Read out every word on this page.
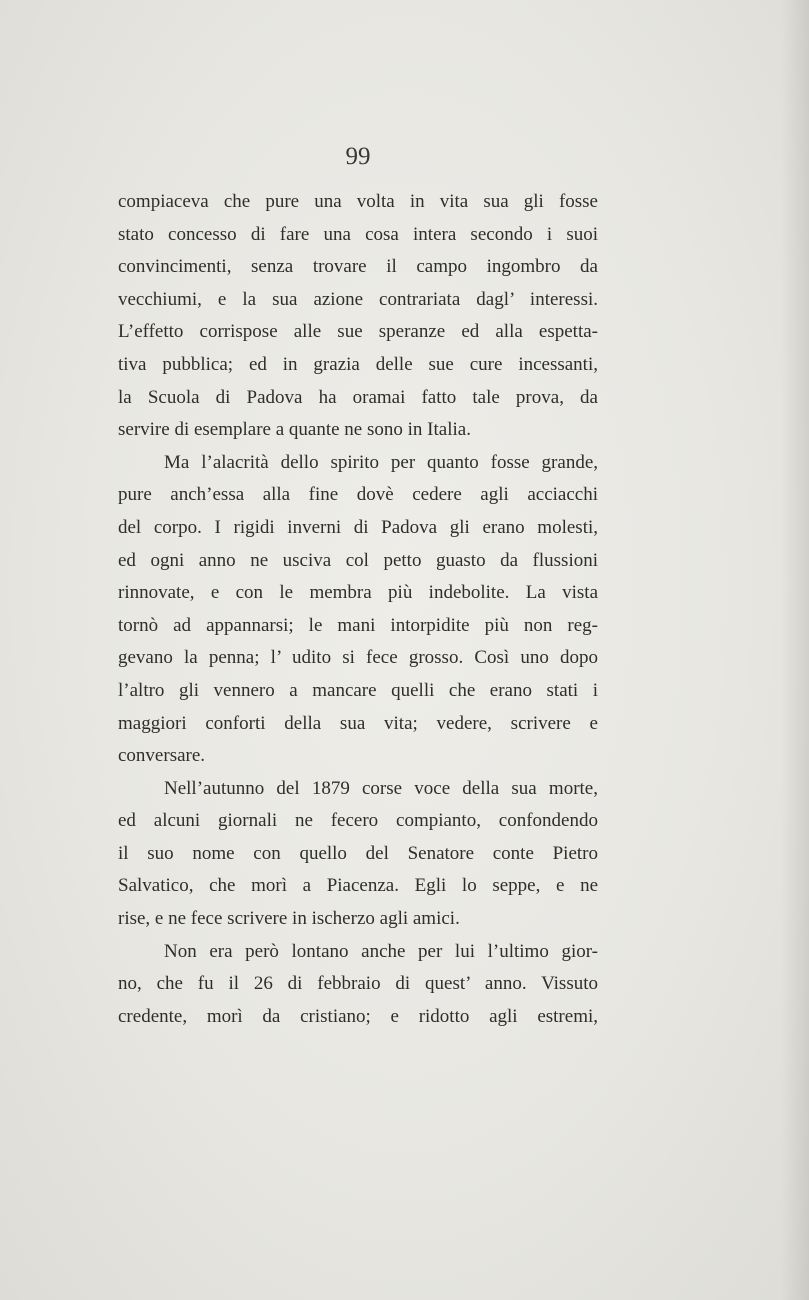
99
compiaceva che pure una volta in vita sua gli fosse
stato concesso di fare una cosa intera secondo i suoi
convincimenti, senza trovare il campo ingombro da
vecchiumi, e la sua azione contrariata dagl’ interessi.
L’effetto corrispose alle sue speranze ed alla espetta-
tiva pubblica; ed in grazia delle sue cure incessanti,
la Scuola di Padova ha oramai fatto tale prova, da
servire di esemplare a quante ne sono in Italia.
Ma l’alacrità dello spirito per quanto fosse grande,
pure anch’essa alla fine dovè cedere agli acciacchi
del corpo. I rigidi inverni di Padova gli erano molesti,
ed ogni anno ne usciva col petto guasto da flussioni
rinnovate, e con le membra più indebolite. La vista
tornò ad appannarsi; le mani intorpidite più non reg-
gevano la penna; l’ udito si fece grosso. Così uno dopo
l’altro gli vennero a mancare quelli che erano stati i
maggiori conforti della sua vita; vedere, scrivere e
conversare.
Nell’autunno del 1879 corse voce della sua morte,
ed alcuni giornali ne fecero compianto, confondendo
il suo nome con quello del Senatore conte Pietro
Salvatico, che morì a Piacenza. Egli lo seppe, e ne
rise, e ne fece scrivere in ischerzo agli amici.
Non era però lontano anche per lui l’ultimo gior-
no, che fu il 26 di febbraio di quest’ anno. Vissuto
credente, morì da cristiano; e ridotto agli estremi,
